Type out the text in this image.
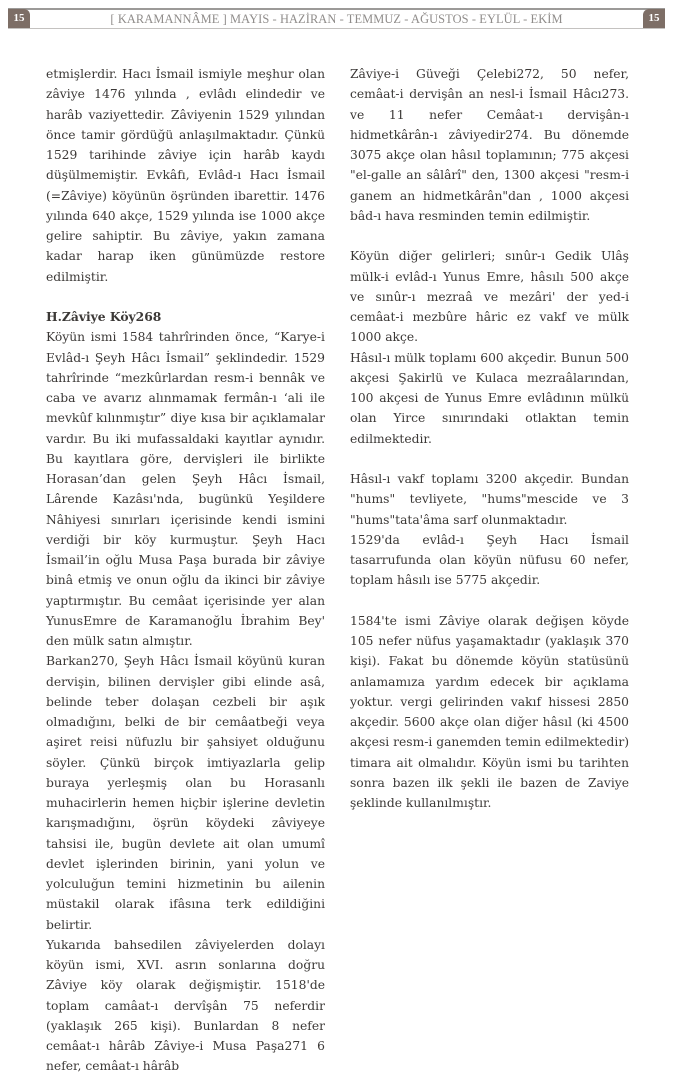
15	[ KARAMANNÂME ] MAYIS - HAZİRAN - TEMMUZ - AĞUSTOS - EYLÜL - EKİM	15

etmişlerdir. Hacı İsmail ismiyle meşhur olan zâviye 1476 yılında , evlâdı elindedir ve harâb vaziyettedir. Zâviyenin 1529 yılından önce tamir gördüğü anlaşılmaktadır. Çünkü 1529 tarihinde zâviye için harâb kaydı düşülmemiştir. Evkâfı, Evlâd-ı Hacı İsmail (=Zâviye) köyünün öşründen ibarettir. 1476 yılında 640 akçe, 1529 yılında ise 1000 akçe gelire sahiptir. Bu zâviye, yakın zamana kadar harap iken günümüzde restore edilmiştir.

H.Zâviye Köy268

Köyün ismi 1584 tahrîrinden önce, “Karye-i Evlâd-ı Şeyh Hâcı İsmail” şeklindedir. 1529 tahrîrinde “mezkûrlardan resm-i bennâk ve caba ve avarız alınmamak fermân-ı ‘ali ile mevkûf kılınmıştır” diye kısa bir açıklamalar vardır. Bu iki mufassaldaki kayıtlar aynıdır. Bu kayıtlara göre, dervişleri ile birlikte Horasan’dan gelen Şeyh Hâcı İsmail, Lârende Kazâsı'nda, bugünkü Yeşildere Nâhiyesi sınırları içerisinde kendi ismini verdiği bir köy kurmuştur. Şeyh Hacı İsmail’in oğlu Musa Paşa burada bir zâviye binâ etmiş ve onun oğlu da ikinci bir zâviye yaptırmıştır. Bu cemâat içerisinde yer alan YunusEmre de Karamanoğlu İbrahim Bey' den mülk satın almıştır.

Barkan270, Şeyh Hâcı İsmail köyünü kuran dervişin, bilinen dervişler gibi elinde asâ, belinde teber dolaşan cezbeli bir aşık olmadığını, belki de bir cemâatbeği veya aşiret reisi nüfuzlu bir şahsiyet olduğunu söyler. Çünkü birçok imtiyazlarla gelip buraya yerleşmiş olan bu Horasanlı muhacirlerin hemen hiçbir işlerine devletin karışmadığını, öşrün köydeki zâviyeye tahsisi ile, bugün devlete ait olan umumî devlet işlerinden birinin, yani yolun ve yolculuğun temini hizmetinin bu ailenin müstakil olarak ifâsına terk edildiğini belirtir.

Yukarıda bahsedilen zâviyelerden dolayı köyün ismi, XVI. asrın sonlarına doğru Zâviye köy olarak değişmiştir. 1518'de toplam camâat-ı dervîşân 75 neferdir (yaklaşık 265 kişi). Bunlardan 8 nefer cemâat-ı hârâb Zâviye-i Musa Paşa271 6 nefer, cemâat-ı hârâb

Zâviye-i Güveği Çelebi272, 50 nefer, cemâat-i dervişân an nesl-i İsmail Hâcı273. ve 11 nefer Cemâat-ı dervişân-ı hidmetkârân-ı zâviyedir274. Bu dönemde 3075 akçe olan hâsıl toplamının; 775 akçesi "el-galle an sâlârî" den, 1300 akçesi "resm-i ganem an hidmetkârân"dan , 1000 akçesi bâd-ı hava resminden temin edilmiştir.

Köyün diğer gelirleri; sınûr-ı Gedik Ulâş mülk-i evlâd-ı Yunus Emre, hâsılı 500 akçe ve sınûr-ı mezraâ ve mezâri' der yed-i cemâat-i mezbûre hâric ez vakf ve mülk 1000 akçe.

Hâsıl-ı mülk toplamı 600 akçedir. Bunun 500 akçesi Şakirlü ve Kulaca mezraâlarından, 100 akçesi de Yunus Emre evlâdının mülkü olan Yirce sınırındaki otlaktan temin edilmektedir.

Hâsıl-ı vakf toplamı 3200 akçedir. Bundan "hums" tevliyete, "hums"mescide ve 3 "hums"tata'âma sarf olunmaktadır.

1529'da evlâd-ı Şeyh Hacı İsmail tasarrufunda olan köyün nüfusu 60 nefer, toplam hâsılı ise 5775 akçedir.

1584'te ismi Zâviye olarak değişen köyde 105 nefer nüfus yaşamaktadır (yaklaşık 370 kişi). Fakat bu dönemde köyün statüsünü anlamamıza yardım edecek bir açıklama yoktur. vergi gelirinden vakıf hissesi 2850 akçedir. 5600 akçe olan diğer hâsıl (ki 4500 akçesi resm-i ganemden temin edilmektedir) timara ait olmalıdır. Köyün ismi bu tarihten sonra bazen ilk şekli ile bazen de Zaviye şeklinde kullanılmıştır.
